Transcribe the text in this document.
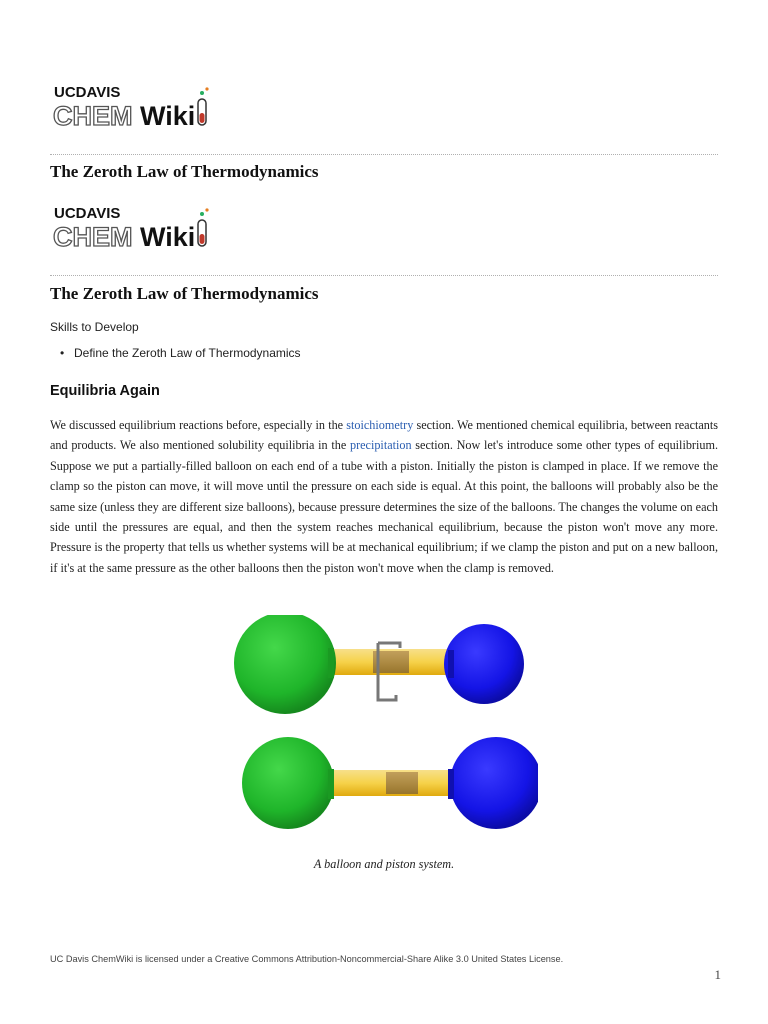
UCDAVIS
CHEM Wiki
The Zeroth Law of Thermodynamics
UCDAVIS
CHEM Wiki
The Zeroth Law of Thermodynamics
Skills to Develop
• Define the Zeroth Law of Thermodynamics
Equilibria Again

We discussed equilibrium reactions before, especially in the stoichiometry section. We mentioned chemical equilibria, between reactants and products. We also mentioned solubility equilibria in the precipitation section. Now let's introduce some other types of equilibrium. Suppose we put a partially-filled balloon on each end of a tube with a piston. Initially the piston is clamped in place. If we remove the clamp so the piston can move, it will move until the pressure on each side is equal. At this point, the balloons will probably also be the same size (unless they are different size balloons), because pressure determines the size of the balloons. The changes the volume on each side until the pressures are equal, and then the system reaches mechanical equilibrium, because the piston won't move any more. Pressure is the property that tells us whether systems will be at mechanical equilibrium; if we clamp the piston and put on a new balloon, if it's at the same pressure as the other balloons then the piston won't move when the clamp is removed.

A balloon and piston system.
UC Davis ChemWiki is licensed under a Creative Commons Attribution-Noncommercial-Share Alike 3.0 United States License.
1
